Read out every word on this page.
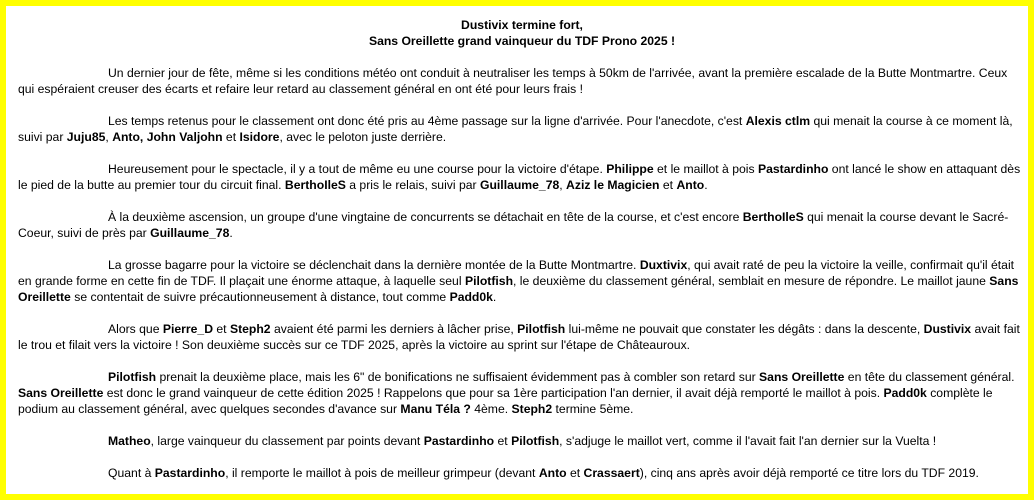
Dustivix termine fort,
Sans Oreillette grand vainqueur du TDF Prono 2025 !
Un dernier jour de fête, même si les conditions météo ont conduit à neutraliser les temps à 50km de l'arrivée, avant la première escalade de la Butte Montmartre. Ceux qui espéraient creuser des écarts et refaire leur retard au classement général en ont été pour leurs frais !
Les temps retenus pour le classement ont donc été pris au 4ème passage sur la ligne d'arrivée. Pour l'anecdote, c'est Alexis ctlm qui menait la course à ce moment là, suivi par Juju85, Anto, John Valjohn et Isidore, avec le peloton juste derrière.
Heureusement pour le spectacle, il y a tout de même eu une course pour la victoire d'étape. Philippe et le maillot à pois Pastardinho ont lancé le show en attaquant dès le pied de la butte au premier tour du circuit final. BerthoIleS a pris le relais, suivi par Guillaume_78, Aziz le Magicien et Anto.
À la deuxième ascension, un groupe d'une vingtaine de concurrents se détachait en tête de la course, et c'est encore BerthoIleS qui menait la course devant le Sacré-Coeur, suivi de près par Guillaume_78.
La grosse bagarre pour la victoire se déclenchait dans la dernière montée de la Butte Montmartre. Duxtivix, qui avait raté de peu la victoire la veille, confirmait qu'il était en grande forme en cette fin de TDF. Il plaçait une énorme attaque, à laquelle seul Pilotfish, le deuxième du classement général, semblait en mesure de répondre. Le maillot jaune Sans Oreillette se contentait de suivre précautionneusement à distance, tout comme Padd0k.
Alors que Pierre_D et Steph2 avaient été parmi les derniers à lâcher prise, Pilotfish lui-même ne pouvait que constater les dégâts : dans la descente, Dustivix avait fait le trou et filait vers la victoire ! Son deuxième succès sur ce TDF 2025, après la victoire au sprint sur l'étape de Châteauroux.
Pilotfish prenait la deuxième place, mais les 6" de bonifications ne suffisaient évidemment pas à combler son retard sur Sans Oreillette en tête du classement général. Sans Oreillette est donc le grand vainqueur de cette édition 2025 ! Rappelons que pour sa 1ère participation l'an dernier, il avait déjà remporté le maillot à pois. Padd0k complète le podium au classement général, avec quelques secondes d'avance sur Manu Téla ? 4ème. Steph2 termine 5ème.
Matheo, large vainqueur du classement par points devant Pastardinho et Pilotfish, s'adjuge le maillot vert, comme il l'avait fait l'an dernier sur la Vuelta !
Quant à Pastardinho, il remporte le maillot à pois de meilleur grimpeur (devant Anto et Crassaert), cinq ans après avoir déjà remporté ce titre lors du TDF 2019.
